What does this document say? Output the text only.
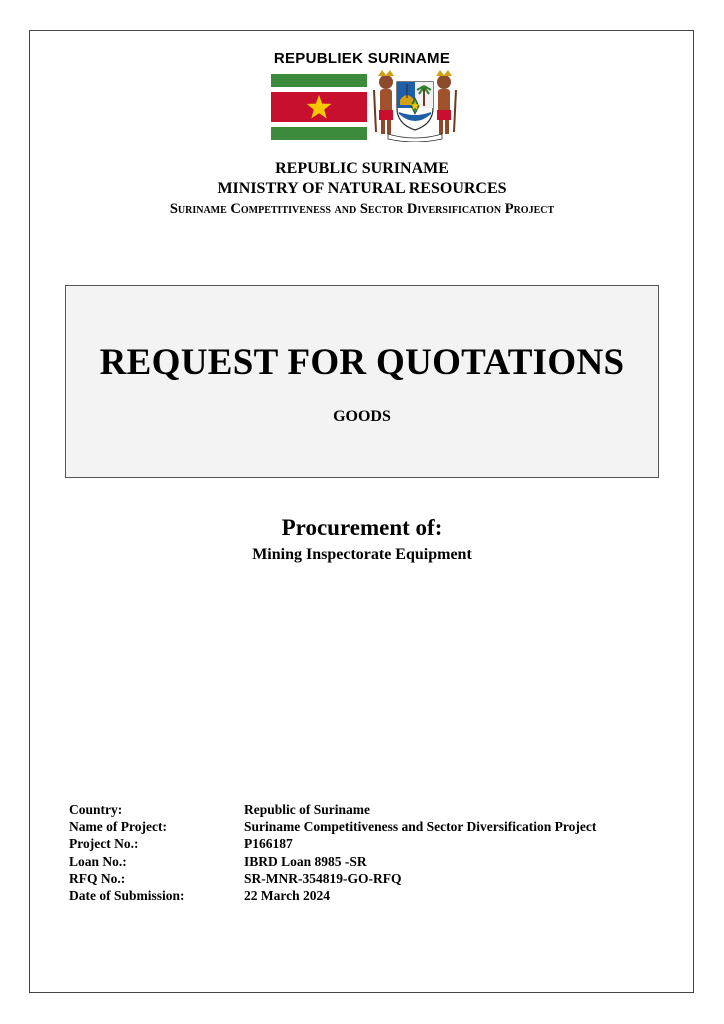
REPUBLIEK SURINAME
REPUBLIC SURINAME
MINISTRY OF NATURAL RESOURCES
Suriname Competitiveness and Sector Diversification Project
REQUEST FOR QUOTATIONS
GOODS
Procurement of:
Mining Inspectorate Equipment
Country:	Republic of Suriname
Name of Project:	Suriname Competitiveness and Sector Diversification Project
Project No.:	P166187
Loan No.:	IBRD Loan 8985 -SR
RFQ No.:	SR-MNR-354819-GO-RFQ
Date of Submission:	22 March 2024
